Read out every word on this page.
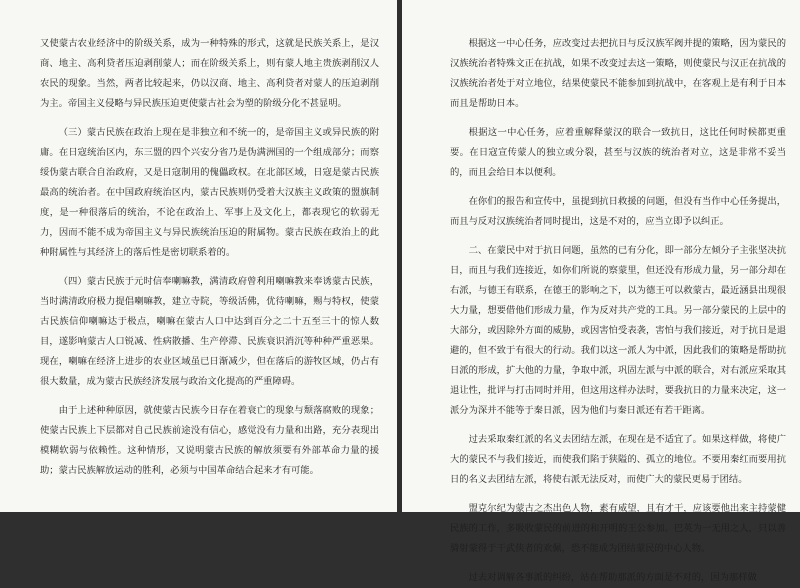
又使蒙古农业经济中的阶级关系，成为一种特殊的形式，这就是民族关系上，是汉商、地主、高利贷者压迫剥削蒙人；而在阶级关系上，则有蒙人地主贵族剥削汉人农民的现象。当然，两者比较起来，仍以汉商、地主、高利贷者对蒙人的压迫剥削为主。帝国主义侵略与异民族压迫更使蒙古社会为塑的阶级分化不甚显明。

（三）蒙古民族在政治上现在是非独立和不统一的，是帝国主义或异民族的附庸。在日寇统治区内，东三盟的四个兴安分省乃是伪满洲国的一个组成部分；而察绥伪蒙古联合自治政府，又是日寇制用的傀儡政权。在北部区域，日寇是蒙古民族最高的统治者。在中国政府统治区内，蒙古民族则仍受着大汉族主义政策的盟旗制度，是一种很落后的统治，不论在政治上、军事上及文化上，都表现它的软弱无力，因而不能不成为帝国主义与异民族统治压迫的附属物。蒙古民族在政治上的此种附属性与其经济上的落后性是密切联系着的。

（四）蒙古民族于元时信奉喇嘛教，满清政府曾利用喇嘛教来奉诱蒙古民族，当时满清政府极力提倡喇嘛教，建立寺院，等级活佛，优待喇嘛，赐与特权，使蒙古民族信仰喇嘛达于极点，喇嘛在蒙古人口中达到百分之二十五至三十的惊人数目，遂影响蒙古人口锐减、性病散播、生产停滞、民族衰识消沉等种种严重恶果。现在，喇嘛在经济上进步的农业区域虽已日渐减少，但在落后的游牧区域，仍占有很大数量，成为蒙古民族经济发展与政治文化提高的严重障碍。

由于上述种种原因，就使蒙古民族今日存在着衰亡的现象与颓落腐败的现象；使蒙古民族上下层都对自己民族前途没有信心，感觉没有力量和出路，充分表现出模糊软弱与依赖性。这种情形，又说明蒙古民族的解放须要有外部革命力量的援助；蒙古民族解放运动的胜利，必须与中国革命结合起来才有可能。

根据这一中心任务，应改变过去把抗日与反汉族军阀并提的策略，因为蒙民的汉族统治者特殊文正在抗战，如果不改变过去这一策略，则使蒙民与汉正在抗战的汉族统治者处于对立地位，结果使蒙民不能参加到抗战中，在客观上是有利于日本而且是帮助日本。

根据这一中心任务，应着重解释蒙汉的联合一致抗日，这比任何时候都更重要。在日寇宣传蒙人的独立或分裂，甚至与汉族的统治者对立，这是非常不妥当的，而且会给日本以便利。

在你们的报告和宣传中，虽提到抗日救援的问题，但没有当作中心任务提出，而且与反对汉族统治者同时提出，这是不对的，应当立即予以纠正。

二、在蒙民中对于抗日问题，虽然的已有分化，即一部分左倾分子主张坚决抗日，而且与我们连接近，如你们所说的察蒙里，但还没有形成力量，另一部分却在右派，与德王有联系，在德王的影响之下，以为德王可以救蒙古，最近涵县出现很大力量，想要借他们形成力量，作为反对共产党的工具。另一部分蒙民的上层中的大部分，或因除外方面的威胁，或因害怕受表袭，害怕与我们接近，对于抗日是退避的，但不致于有很大的行动。我们以这一派人为中派，因此我们的策略是帮助抗日派的形成，扩大他的力量，争取中派，巩固左派与中派的联合，对右派应采取其退让性，批评与打击同时并用，但这用这样办法时，要我抗日的力量来决定，这一派分为深并不能等于秦日派，因为他们与秦日派还有若干距离。

过去采取秦红派的名义去团结左派，在现在是不适宜了。如果这样做，将使广大的蒙民不与我们接近，而使我们陷于狭隘的、孤立的地位。不要用秦红而要用抗日的名义去团结左派，将使右派无法反对，而使广大的蒙民更易于团结。

盟克尔纪为蒙古之杰出色人物，素有威望，且有才干，应该要他出来主持蒙健民族的工作，多吸收蒙民的前进的和开明的王公参加。巴英为一无用之人，只以善骑射蒙得于干武侠者的欢佩，恐不能成为团结蒙民的中心人物。

过去对调解各事派的纠纷，站在帮助那派的方面是不对的，因为那样做
